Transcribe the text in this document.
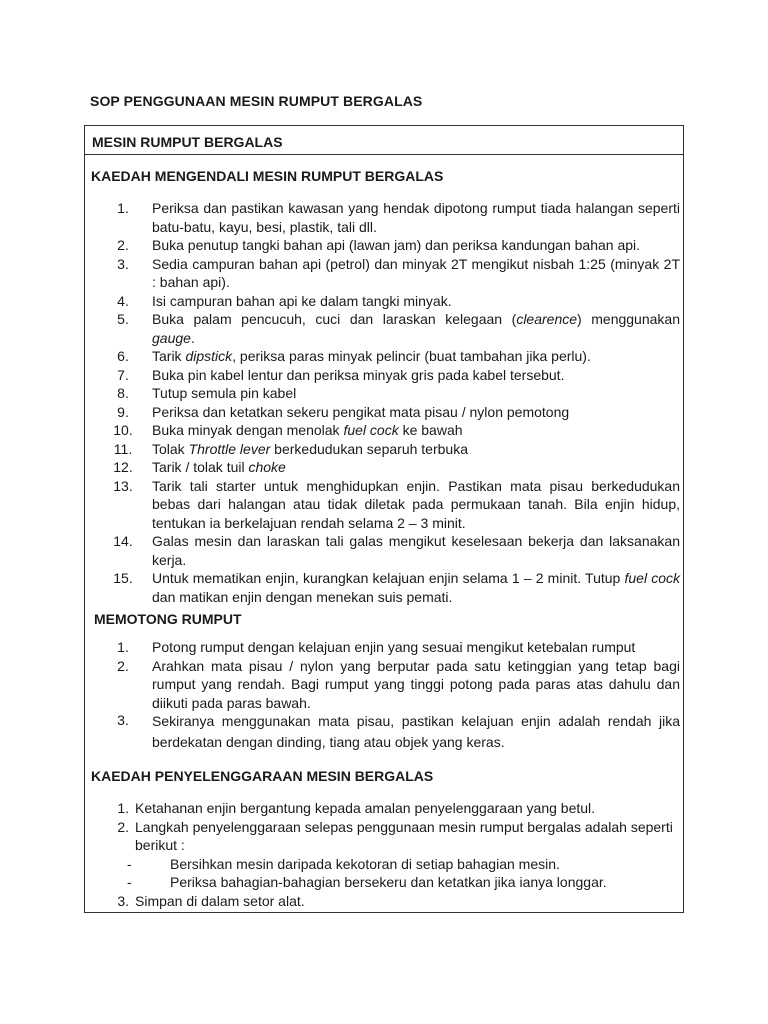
SOP PENGGUNAAN MESIN RUMPUT BERGALAS
MESIN RUMPUT BERGALAS
KAEDAH MENGENDALI MESIN RUMPUT BERGALAS
1.	Periksa dan pastikan kawasan yang hendak dipotong rumput tiada halangan seperti batu-batu, kayu, besi, plastik, tali dll.
2.	Buka penutup tangki bahan api (lawan jam) dan periksa kandungan bahan api.
3.	Sedia campuran bahan api (petrol) dan minyak 2T mengikut nisbah 1:25 (minyak 2T : bahan api).
4.	Isi campuran bahan api ke dalam tangki minyak.
5.	Buka palam pencucuh, cuci dan laraskan kelegaan (clearence) menggunakan gauge.
6.	Tarik dipstick, periksa paras minyak pelincir (buat tambahan jika perlu).
7.	Buka pin kabel lentur dan periksa minyak gris pada kabel tersebut.
8.	Tutup semula pin kabel
9.	Periksa dan ketatkan sekeru pengikat mata pisau / nylon pemotong
10.	Buka minyak dengan menolak fuel cock ke bawah
11.	Tolak Throttle lever berkedudukan separuh terbuka
12.	Tarik / tolak tuil choke
13.	Tarik tali starter untuk menghidupkan enjin. Pastikan mata pisau berkedudukan bebas dari halangan atau tidak diletak pada permukaan tanah. Bila enjin hidup, tentukan ia berkelajuan rendah selama 2 – 3 minit.
14.	Galas mesin dan laraskan tali galas mengikut keselesaan bekerja dan laksanakan kerja.
15.	Untuk mematikan enjin, kurangkan kelajuan enjin selama 1 – 2 minit. Tutup fuel cock dan matikan enjin dengan menekan suis pemati.
MEMOTONG RUMPUT
1.	Potong rumput dengan kelajuan enjin yang sesuai mengikut ketebalan rumput
2.	Arahkan mata pisau / nylon yang berputar pada satu ketinggian yang tetap bagi rumput yang rendah. Bagi rumput yang tinggi potong pada paras atas dahulu dan diikuti pada paras bawah.
3.	Sekiranya menggunakan mata pisau, pastikan kelajuan enjin adalah rendah jika berdekatan dengan dinding, tiang atau objek yang keras.
KAEDAH PENYELENGGARAAN MESIN BERGALAS
1. Ketahanan enjin bergantung kepada amalan penyelenggaraan yang betul.
2. Langkah penyelenggaraan selepas penggunaan mesin rumput bergalas adalah seperti berikut :
-	Bersihkan mesin daripada kekotoran di setiap bahagian mesin.
-	Periksa bahagian-bahagian bersekeru dan ketatkan jika ianya longgar.
3. Simpan di dalam setor alat.
